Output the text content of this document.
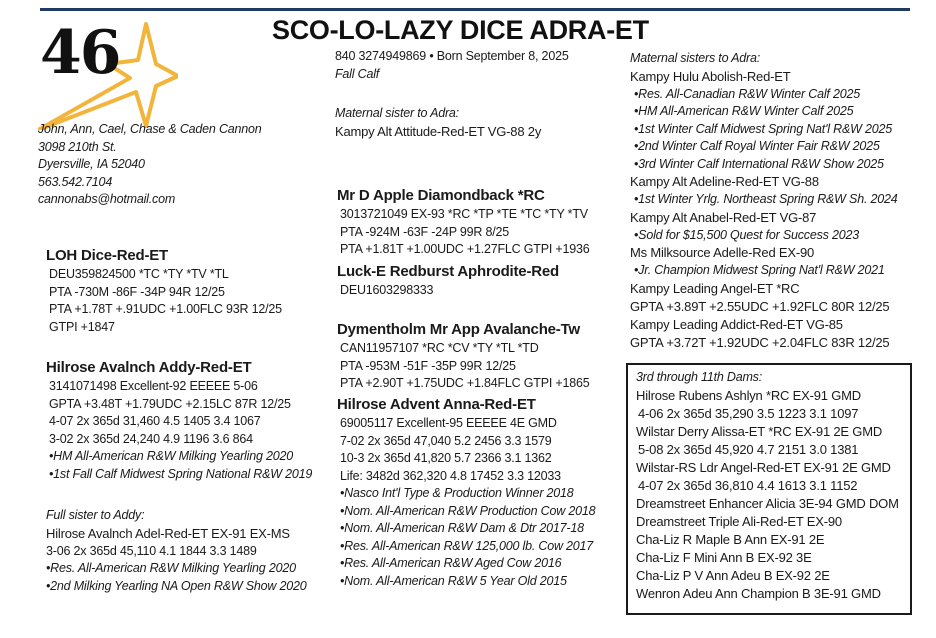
46	SCO-LO-LAZY DICE ADRA-ET
John, Ann, Cael, Chase & Caden Cannon
3098 210th St.
Dyersville, IA 52040
563.542.7104
cannonabs@hotmail.com
LOH Dice-Red-ET
DEU359824500 *TC *TY *TV *TL
PTA -730M -86F -34P 94R 12/25
PTA +1.78T +.91UDC +1.00FLC 93R 12/25
GTPI +1847
Hilrose Avalnch Addy-Red-ET
3141071498 Excellent-92 EEEEE 5-06
GPTA +3.48T +1.79UDC +2.15LC 87R 12/25
4-07 2x 365d 31,460 4.5 1405 3.4 1067
3-02 2x 365d 24,240 4.9 1196 3.6 864
•HM All-American R&W Milking Yearling 2020
•1st Fall Calf Midwest Spring National R&W 2019
Full sister to Addy:
Hilrose Avalnch Adel-Red-ET EX-91 EX-MS
3-06 2x 365d 45,110 4.1 1844 3.3 1489
•Res. All-American R&W Milking Yearling 2020
•2nd Milking Yearling NA Open R&W Show 2020
840 3274949869 • Born September 8, 2025
Fall Calf
Maternal sister to Adra:
Kampy Alt Attitude-Red-ET VG-88 2y
Mr D Apple Diamondback *RC
3013721049 EX-93 *RC *TP *TE *TC *TY *TV
PTA -924M -63F -24P 99R 8/25
PTA +1.81T +1.00UDC +1.27FLC GTPI +1936
Luck-E Redburst Aphrodite-Red
DEU1603298333
Dymentholm Mr App Avalanche-Tw
CAN11957107 *RC *CV *TY *TL *TD
PTA -953M -51F -35P 99R 12/25
PTA +2.90T +1.75UDC +1.84FLC GTPI +1865
Hilrose Advent Anna-Red-ET
69005117 Excellent-95 EEEEE 4E GMD
7-02 2x 365d 47,040 5.2 2456 3.3 1579
10-3 2x 365d 41,820 5.7 2366 3.1 1362
Life: 3482d 362,320 4.8 17452 3.3 12033
•Nasco Int'l Type & Production Winner 2018
•Nom. All-American R&W Production Cow 2018
•Nom. All-American R&W Dam & Dtr 2017-18
•Res. All-American R&W 125,000 lb. Cow 2017
•Res. All-American R&W Aged Cow 2016
•Nom. All-American R&W 5 Year Old 2015
Maternal sisters to Adra:
Kampy Hulu Abolish-Red-ET
•Res. All-Canadian R&W Winter Calf 2025
•HM All-American R&W Winter Calf 2025
•1st Winter Calf Midwest Spring Nat'l R&W 2025
•2nd Winter Calf Royal Winter Fair R&W 2025
•3rd Winter Calf International R&W Show 2025
Kampy Alt Adeline-Red-ET VG-88
•1st Winter Yrlg. Northeast Spring R&W Sh. 2024
Kampy Alt Anabel-Red-ET VG-87
•Sold for $15,500 Quest for Success 2023
Ms Milksource Adelle-Red EX-90
•Jr. Champion Midwest Spring Nat'l R&W 2021
Kampy Leading Angel-ET *RC
GPTA +3.89T +2.55UDC +1.92FLC 80R 12/25
Kampy Leading Addict-Red-ET VG-85
GPTA +3.72T +1.92UDC +2.04FLC 83R 12/25
3rd through 11th Dams:
Hilrose Rubens Ashlyn *RC EX-91 GMD
4-06 2x 365d 35,290 3.5 1223 3.1 1097
Wilstar Derry Alissa-ET *RC EX-91 2E GMD
5-08 2x 365d 45,920 4.7 2151 3.0 1381
Wilstar-RS Ldr Angel-Red-ET EX-91 2E GMD
4-07 2x 365d 36,810 4.4 1613 3.1 1152
Dreamstreet Enhancer Alicia 3E-94 GMD DOM
Dreamstreet Triple Ali-Red-ET EX-90
Cha-Liz R Maple B Ann EX-91 2E
Cha-Liz F Mini Ann B EX-92 3E
Cha-Liz P V Ann Adeu B EX-92 2E
Wenron Adeu Ann Champion B 3E-91 GMD
